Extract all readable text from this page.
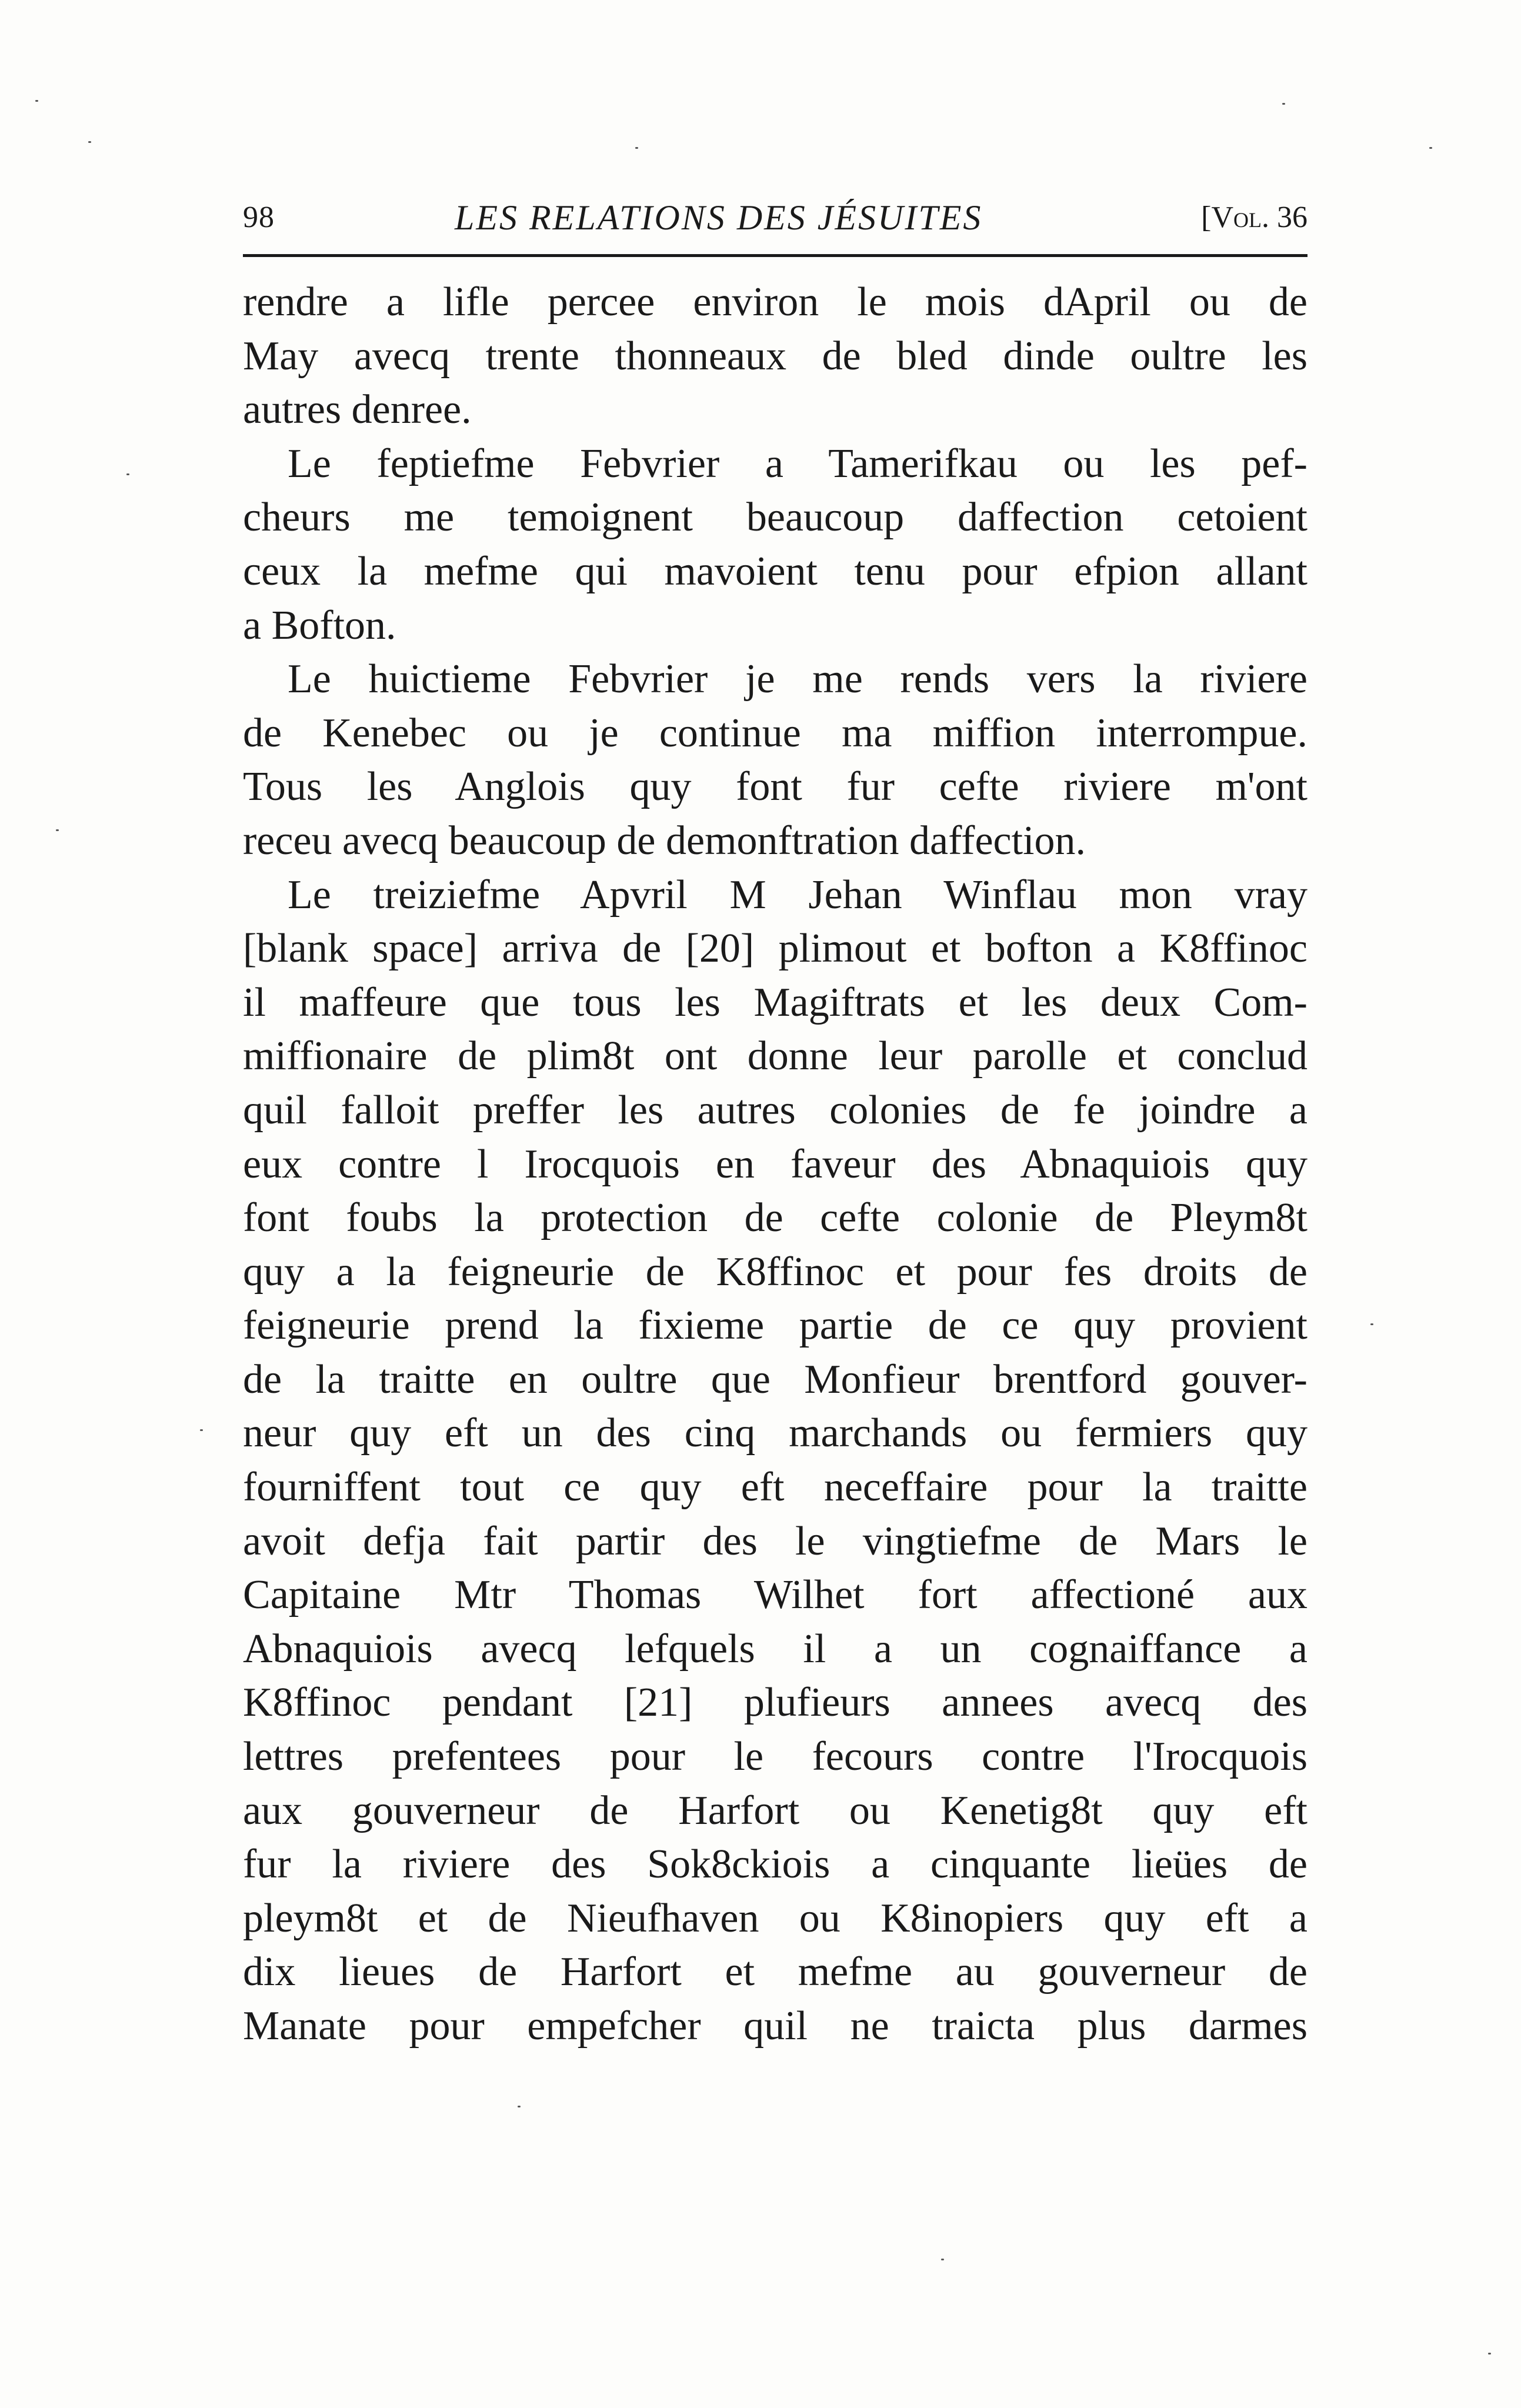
98	LES RELATIONS DES JÉSUITES	[Vol. 36
rendre a lifle percee environ le mois dApril ou de
May avecq trente thonneaux de bled dinde oultre les
autres denree.
Le feptiefme Febvrier a Tamerifkau ou les pef-
cheurs me temoignent beaucoup daffection cetoient
ceux la mefme qui mavoient tenu pour efpion allant
a Bofton.
Le huictieme Febvrier je me rends vers la riviere
de Kenebec ou je continue ma miffion interrompue.
Tous les Anglois quy font fur cefte riviere m'ont
receu avecq beaucoup de demonftration daffection.
Le treiziefme Apvril M Jehan Winflau mon vray
[blank space] arriva de [20] plimout et bofton a K8ffinoc
il maffeure que tous les Magiftrats et les deux Com-
miffionaire de plim8t ont donne leur parolle et conclud
quil falloit preffer les autres colonies de fe joindre a
eux contre l Irocquois en faveur des Abnaquiois quy
font foubs la protection de cefte colonie de Pleym8t
quy a la feigneurie de K8ffinoc et pour fes droits de
feigneurie prend la fixieme partie de ce quy provient
de la traitte en oultre que Monfieur brentford gouver-
neur quy eft un des cinq marchands ou fermiers quy
fourniffent tout ce quy eft neceffaire pour la traitte
avoit defja fait partir des le vingtiefme de Mars le
Capitaine Mtr Thomas Wilhet fort affectioné aux
Abnaquiois avecq lefquels il a un cognaiffance a
K8ffinoc pendant [21] plufieurs annees avecq des
lettres prefentees pour le fecours contre l'Irocquois
aux gouverneur de Harfort ou Kenetig8t quy eft
fur la riviere des Sok8ckiois a cinquante lieües de
pleym8t et de Nieufhaven ou K8inopiers quy eft a
dix lieues de Harfort et mefme au gouverneur de
Manate pour empefcher quil ne traicta plus darmes
